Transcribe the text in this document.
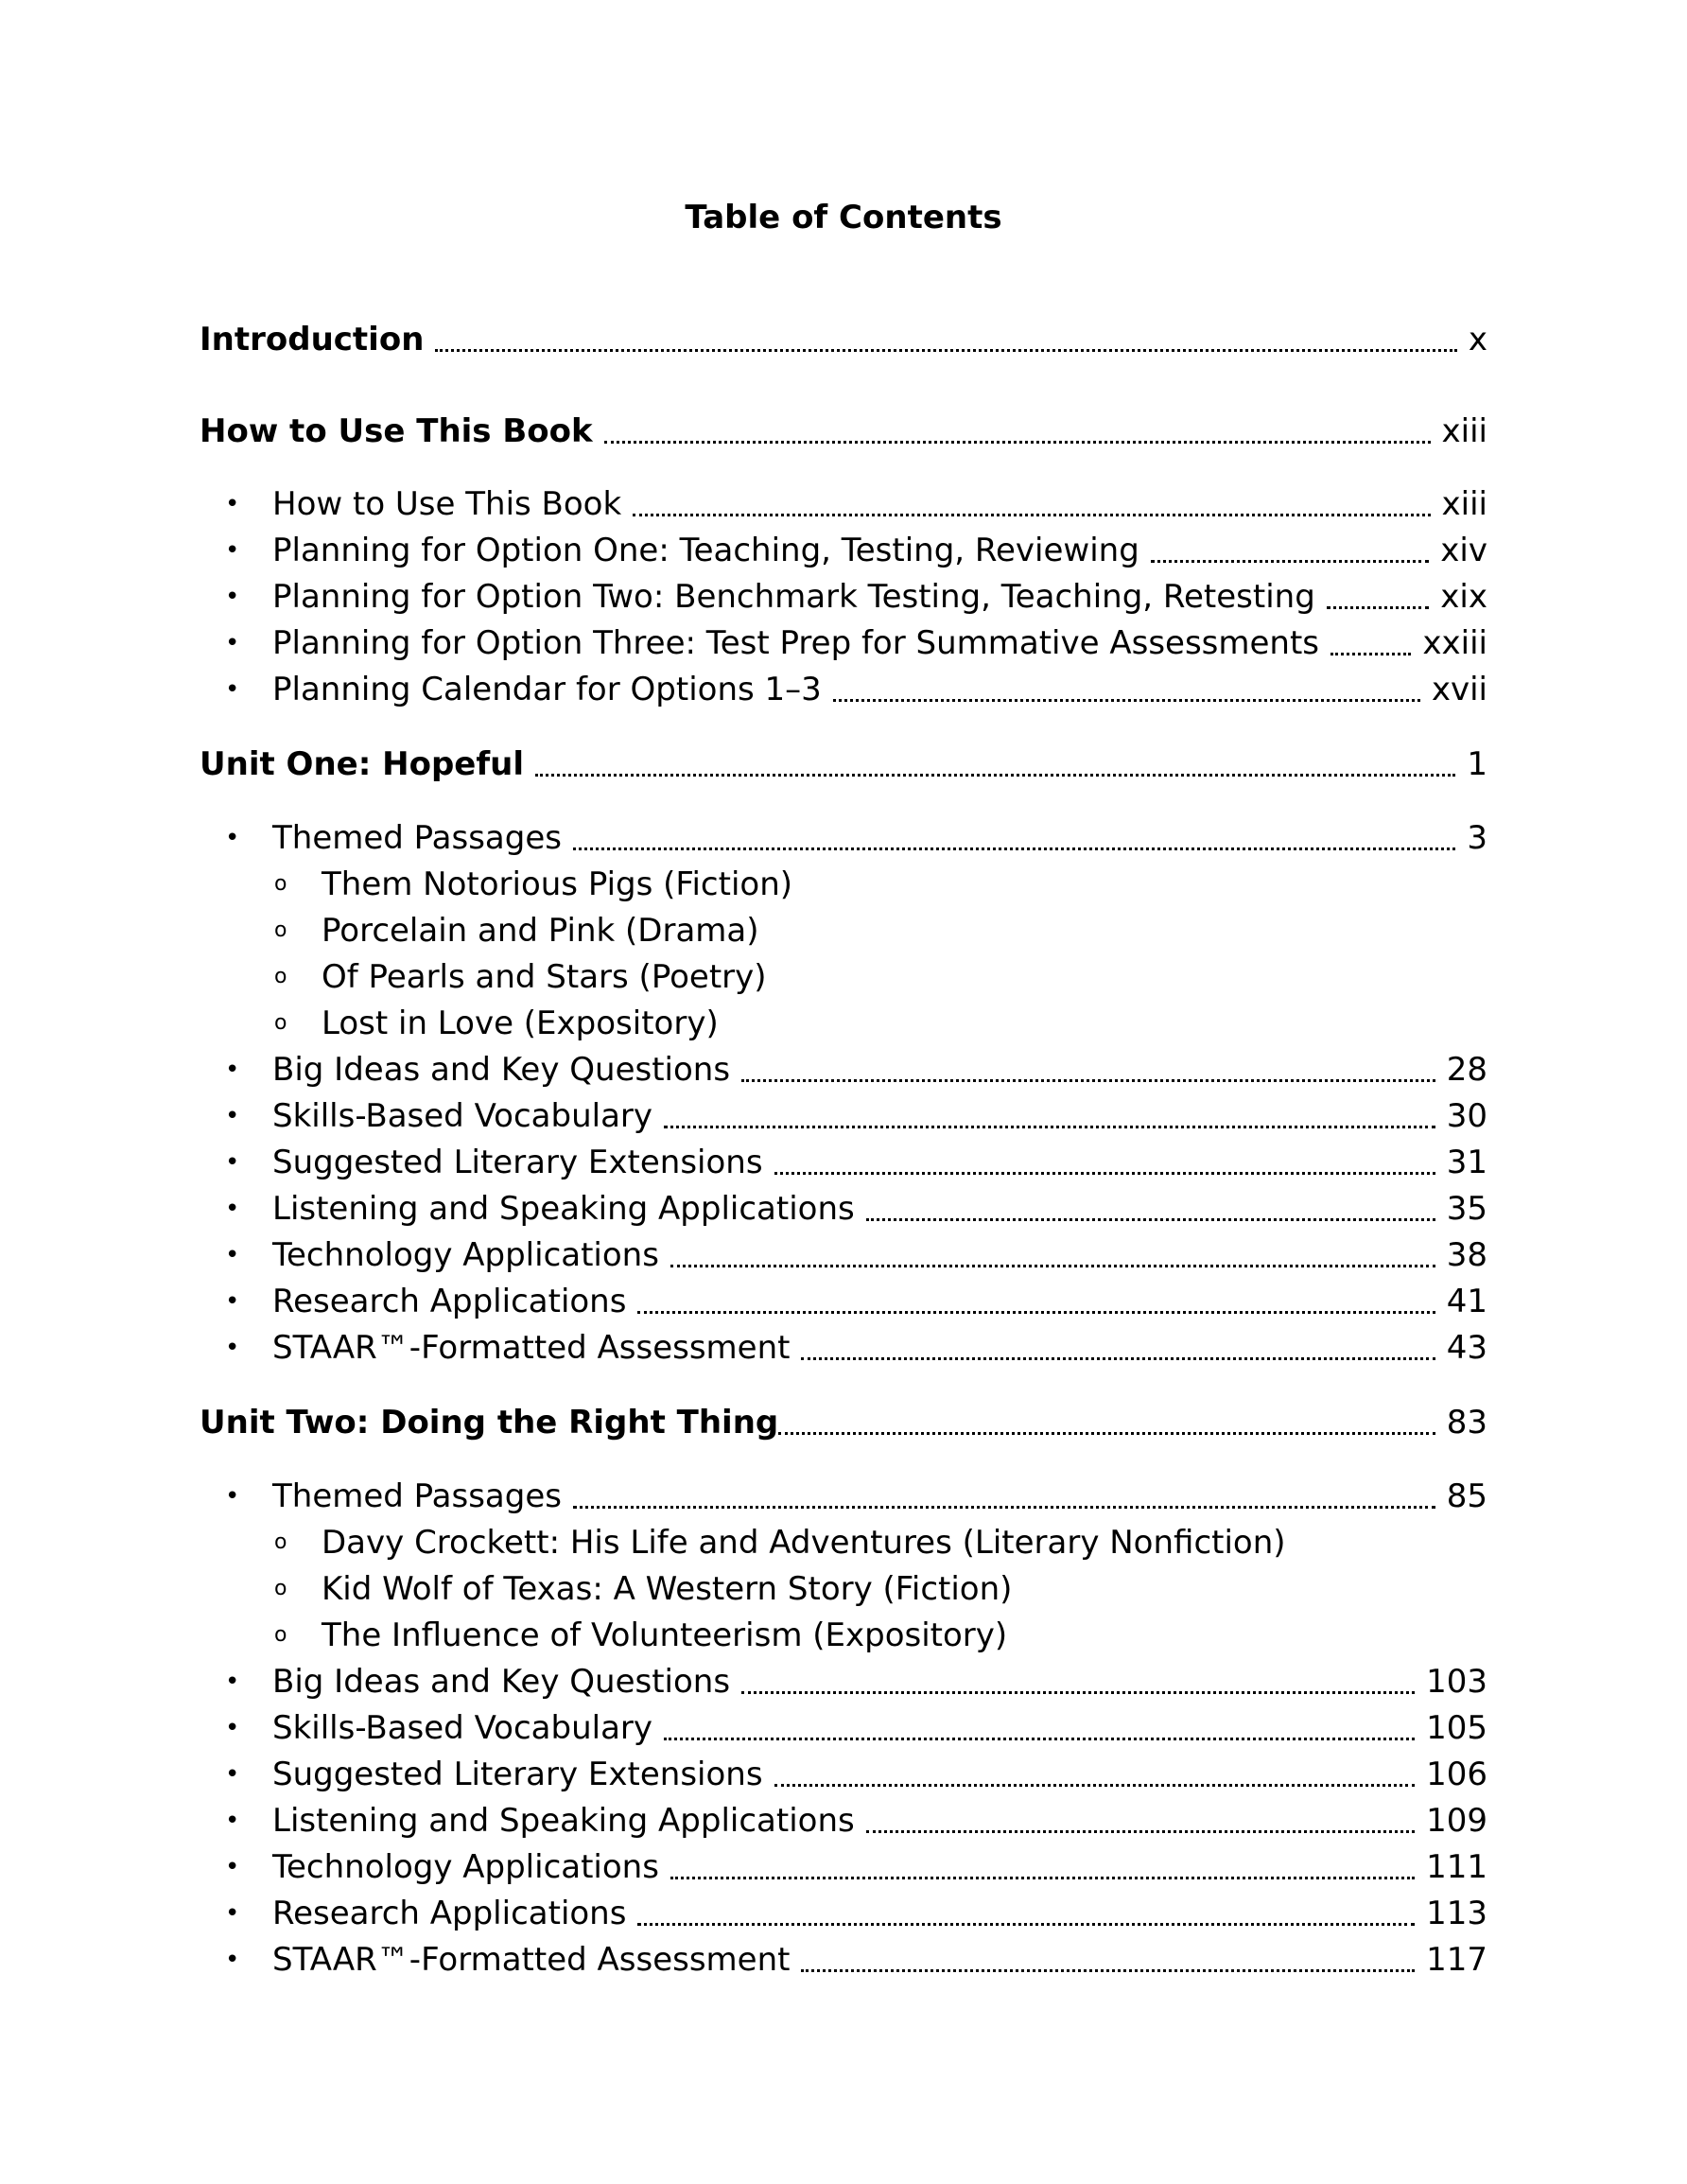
Table of Contents
Introduction	x
How to Use This Book	xiii
•	How to Use This Book	xiii
•	Planning for Option One: Teaching, Testing, Reviewing	xiv
•	Planning for Option Two: Benchmark Testing, Teaching, Retesting	xix
•	Planning for Option Three: Test Prep for Summative Assessments	xxiii
•	Planning Calendar for Options 1–3	xvii
Unit One: Hopeful	1
•	Themed Passages	3
o	Them Notorious Pigs (Fiction)
o	Porcelain and Pink (Drama)
o	Of Pearls and Stars (Poetry)
o	Lost in Love (Expository)
•	Big Ideas and Key Questions	28
•	Skills-Based Vocabulary	30
•	Suggested Literary Extensions	31
•	Listening and Speaking Applications	35
•	Technology Applications	38
•	Research Applications	41
•	STAAR™-Formatted Assessment	43
Unit Two: Doing the Right Thing	83
•	Themed Passages	85
o	Davy Crockett: His Life and Adventures (Literary Nonfiction)
o	Kid Wolf of Texas: A Western Story (Fiction)
o	The Influence of Volunteerism (Expository)
•	Big Ideas and Key Questions	103
•	Skills-Based Vocabulary	105
•	Suggested Literary Extensions	106
•	Listening and Speaking Applications	109
•	Technology Applications	111
•	Research Applications	113
•	STAAR™-Formatted Assessment	117
